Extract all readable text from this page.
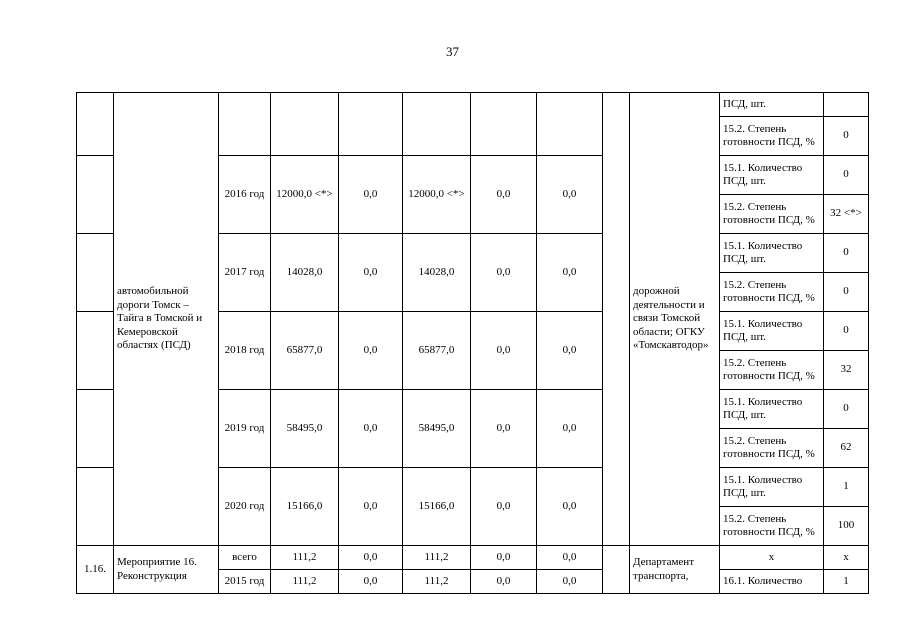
37
	автомобильной дороги Томск – Тайга в Томской и Кемеровской областях (ПСД)								дорожной деятельности и связи Томской области; ОГКУ «Томскавтодор»	ПСД, шт.	
										15.2. Степень готовности ПСД, %	0
		2016 год	12000,0 <*>	0,0	12000,0 <*>	0,0	0,0			15.1. Количество ПСД, шт.	0
										15.2. Степень готовности ПСД, %	32 <*>
		2017 год	14028,0	0,0	14028,0	0,0	0,0			15.1. Количество ПСД, шт.	0
										15.2. Степень готовности ПСД, %	0
		2018 год	65877,0	0,0	65877,0	0,0	0,0			15.1. Количество ПСД, шт.	0
										15.2. Степень готовности ПСД, %	32
		2019 год	58495,0	0,0	58495,0	0,0	0,0			15.1. Количество ПСД, шт.	0
										15.2. Степень готовности ПСД, %	62
		2020 год	15166,0	0,0	15166,0	0,0	0,0			15.1. Количество ПСД, шт.	1
										15.2. Степень готовности ПСД, %	100
1.16.	Мероприятие 16. Реконструкция	всего	111,2	0,0	111,2	0,0	0,0		Департамент транспорта,	x	x
		2015 год	111,2	0,0	111,2	0,0	0,0			16.1. Количество	1
